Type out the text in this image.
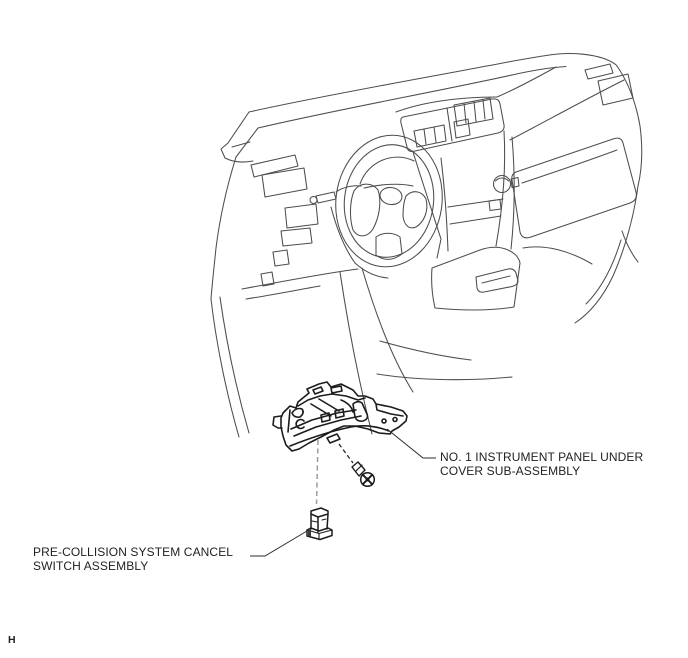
NO. 1 INSTRUMENT PANEL UNDER
COVER SUB-ASSEMBLY
PRE-COLLISION SYSTEM CANCEL
SWITCH ASSEMBLY
H
